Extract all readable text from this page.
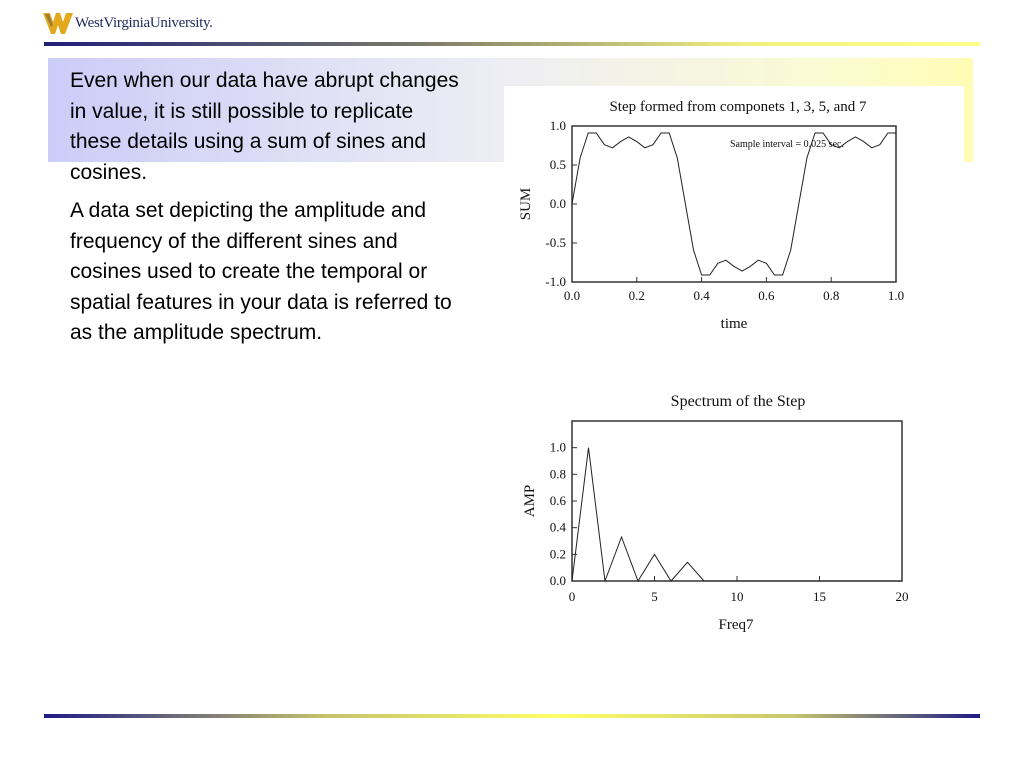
WestVirginiaUniversity.

Even when our data have abrupt changes in value, it is still possible to replicate these details using a sum of sines and cosines.

A data set depicting the amplitude and frequency of the different sines and cosines used to create the temporal or spatial features in your data is referred to as the amplitude spectrum.

Step formed from componets 1, 3, 5, and 7
1.0
0.5
0.0
-0.5
-1.0
0.0	0.2	0.4	0.6	0.8	1.0
Sample interval = 0.025 sec.
time
SUM
Spectrum of the Step
1.0
0.8
0.6
0.4
0.2
0.0
0	5	10	15	20
Freq7
AMP
